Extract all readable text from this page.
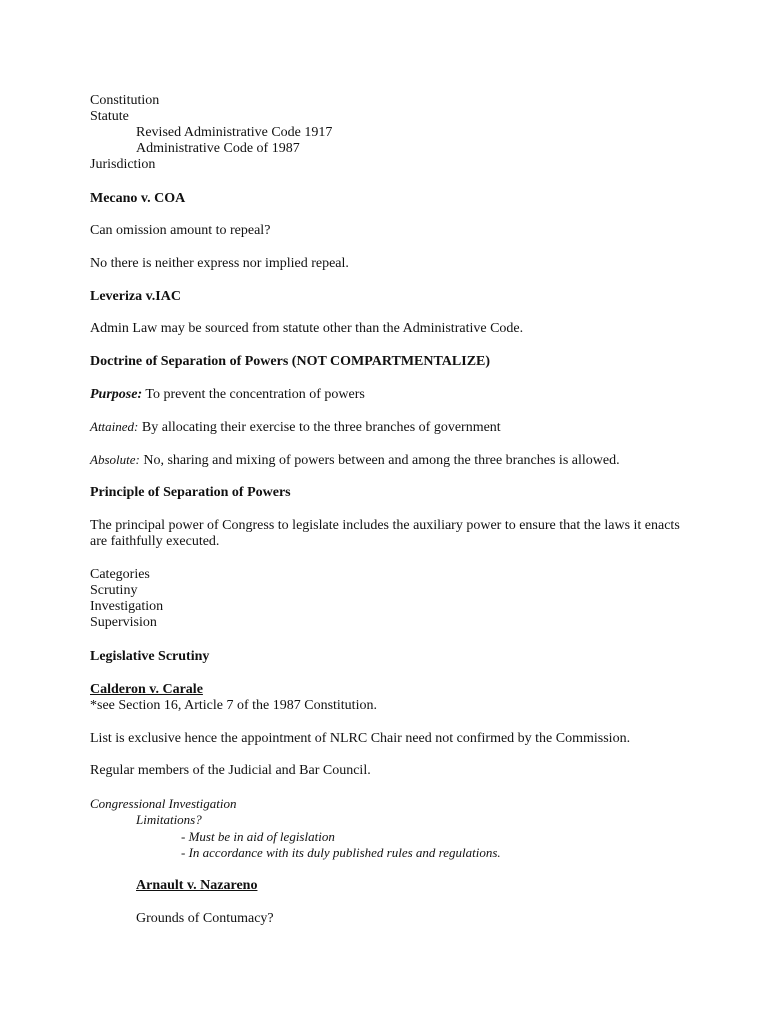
Constitution

Statute

Revised Administrative Code 1917

Administrative Code of 1987

Jurisdiction

Mecano v. COA

Can omission amount to repeal?

No there is neither express nor implied repeal.

Leveriza v.IAC

Admin Law may be sourced from statute other than the Administrative Code.

Doctrine of Separation of Powers (NOT COMPARTMENTALIZE)

Purpose: To prevent the concentration of powers

Attained: By allocating their exercise to the three branches of government

Absolute: No, sharing and mixing of powers between and among the three branches is allowed.

Principle of Separation of Powers

The principal power of Congress to legislate includes the auxiliary power to ensure that the laws it enacts

are faithfully executed.

Categories

Scrutiny

Investigation

Supervision

Legislative Scrutiny

Calderon v. Carale

*see Section 16, Article 7 of the 1987 Constitution.

List is exclusive hence the appointment of NLRC Chair need not confirmed by the Commission.

Regular members of the Judicial and Bar Council.

Congressional Investigation

Limitations?

- Must be in aid of legislation

- In accordance with its duly published rules and regulations.

Arnault v. Nazareno

Grounds of Contumacy?
